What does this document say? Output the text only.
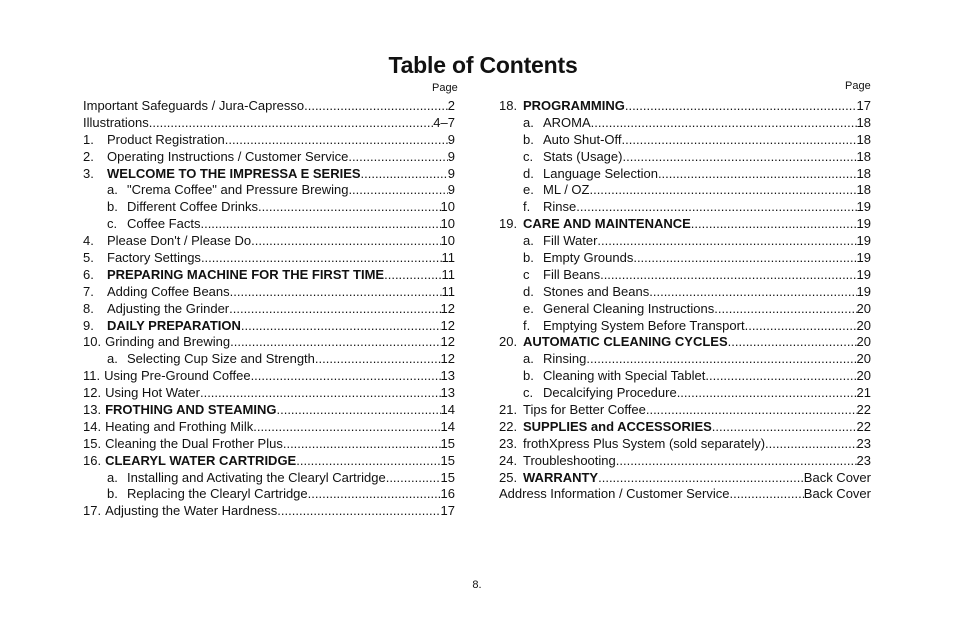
Table of Contents
Page	Page
Important Safeguards / Jura-Capresso .....	2
Illustrations .....	4–7
1.	Product Registration .....	9
2.	Operating Instructions / Customer Service .....	9
3.	WELCOME TO THE IMPRESSA E SERIES .....	9
a. "Crema Coffee" and Pressure Brewing .....	9
b. Different Coffee Drinks .....	10
c. Coffee Facts .....	10
4.	Please Don't / Please Do .....	10
5.	Factory Settings .....	11
6.	PREPARING MACHINE FOR THE FIRST TIME .....	11
7.	Adding Coffee Beans .....	11
8.	Adjusting the Grinder .....	12
9.	DAILY PREPARATION .....	12
10. Grinding and Brewing .....	12
a. Selecting Cup Size and Strength .....	12
11. Using Pre-Ground Coffee .....	13
12. Using Hot Water .....	13
13. FROTHING AND STEAMING .....	14
14. Heating and Frothing Milk .....	14
15. Cleaning the Dual Frother Plus .....	15
16. CLEARYL WATER CARTRIDGE .....	15
a. Installing and Activating the Clearyl Cartridge .....	15
b. Replacing the Clearyl Cartridge .....	16
17. Adjusting the Water Hardness .....	17
18. PROGRAMMING .....	17
a. AROMA .....	18
b. Auto Shut-Off .....	18
c. Stats (Usage) .....	18
d. Language Selection .....	18
e. ML / OZ .....	18
f. Rinse .....	19
19. CARE AND MAINTENANCE .....	19
a. Fill Water .....	19
b. Empty Grounds .....	19
c	Fill Beans .....	19
d. Stones and Beans .....	19
e. General Cleaning Instructions .....	20
f. Emptying System Before Transport .....	20
20. AUTOMATIC CLEANING CYCLES .....	20
a. Rinsing .....	20
b. Cleaning with Special Tablet .....	20
c. Decalcifying Procedure .....	21
21. Tips for Better Coffee .....	22
22. SUPPLIES and ACCESSORIES .....	22
23. frothXpress Plus System (sold separately) .....	23
24. Troubleshooting .....	23
25. WARRANTY .....	Back Cover
Address Information / Customer Service .....	Back Cover
8.
